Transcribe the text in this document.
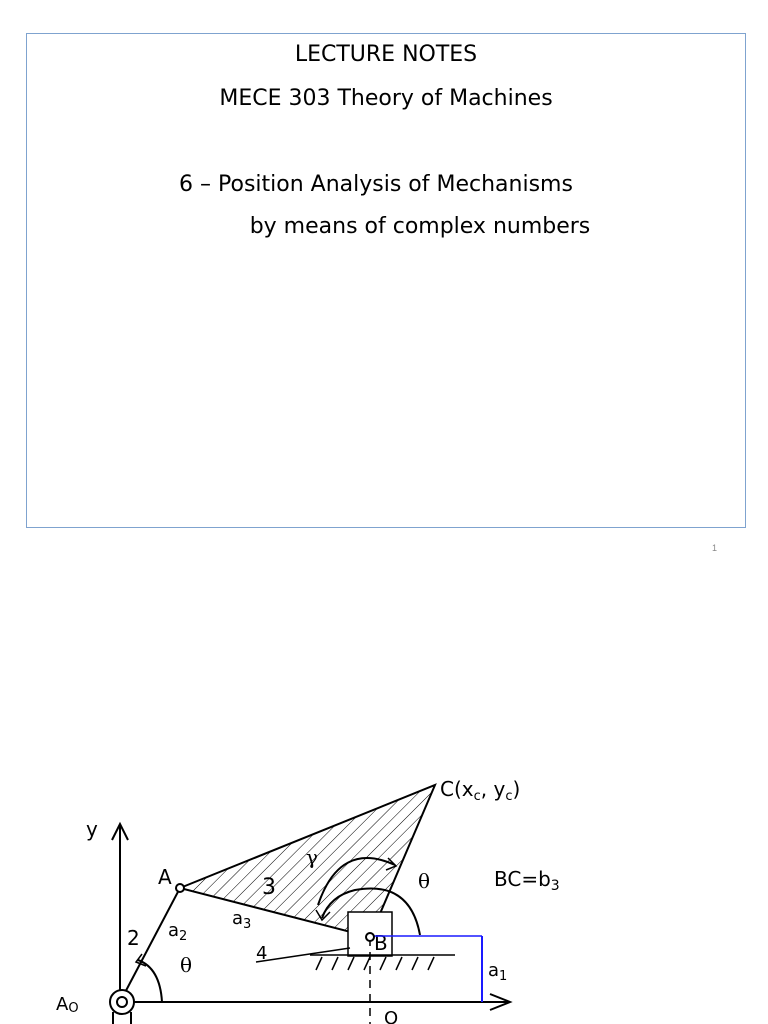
LECTURE NOTES
MECE 303 Theory of Machines
6 – Position Analysis of Mechanisms
by means of complex numbers
1
y
B
$a_1$
A
$C(x_c$, $y_c$)
2
3
4
$a_2$
$a_3$
θ
θ
γ
$BC=b_3$
AO	O
